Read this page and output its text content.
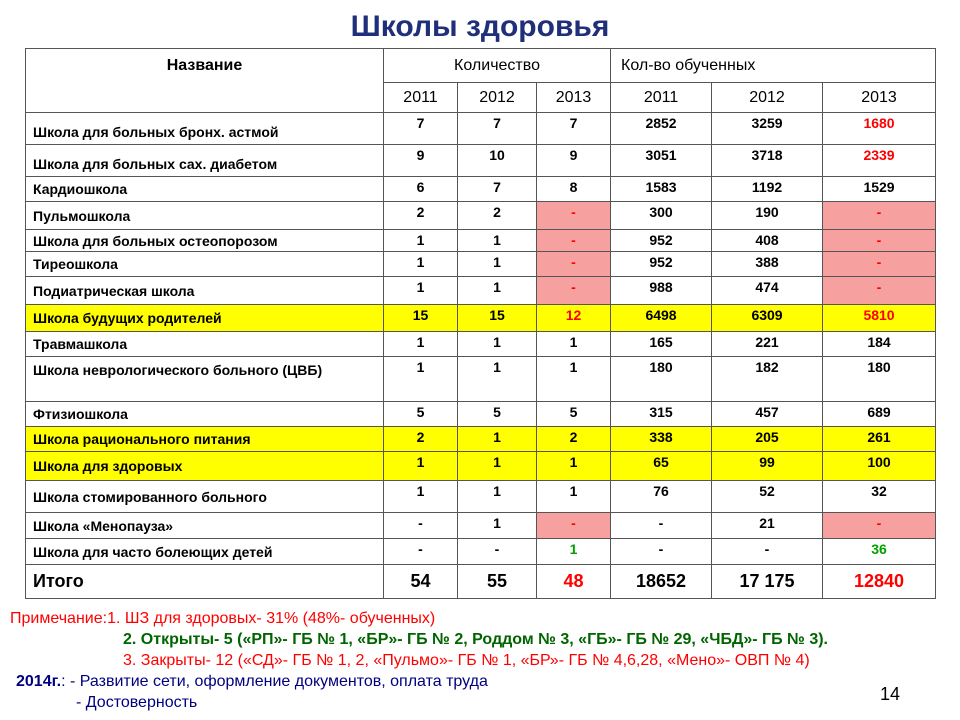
Школы здоровья
Название	Количество			Кол-во обученных		
	2011	2012	2013	2011	2012	2013
Школа для больных бронх. астмой	7	7	7	2852	3259	1680
Школа для больных сах. диабетом	9	10	9	3051	3718	2339
Кардиошкола	6	7	8	1583	1192	1529
Пульмошкола	2	2	-	300	190	-
Школа для больных остеопорозом	1	1	-	952	408	-
Тиреошкола	1	1	-	952	388	-
Подиатрическая школа	1	1	-	988	474	-
Школа будущих родителей	15	15	12	6498	6309	5810
Травмашкола	1	1	1	165	221	184
Школа неврологического больного (ЦВБ)	1	1	1	180	182	180
Фтизиошкола	5	5	5	315	457	689
Школа рационального питания	2	1	2	338	205	261
Школа для здоровых	1	1	1	65	99	100
Школа стомированного больного	1	1	1	76	52	32
Школа «Менопауза»	-	1	-	-	21	-
Школа для часто болеющих детей	-	-	1	-	-	36
Итого	54	55	48	18652	17 175	12840
Примечание:1. ШЗ для здоровых- 31% (48%- обученных)
2. Открыты- 5 («РП»- ГБ № 1, «БР»- ГБ № 2, Роддом № 3, «ГБ»- ГБ № 29, «ЧБД»- ГБ № 3).
3. Закрыты- 12 («СД»- ГБ № 1, 2, «Пульмо»- ГБ № 1, «БР»- ГБ № 4,6,28, «Мено»- ОВП № 4)
2014г.: - Развитие сети, оформление документов, оплата труда
- Достоверность	14
